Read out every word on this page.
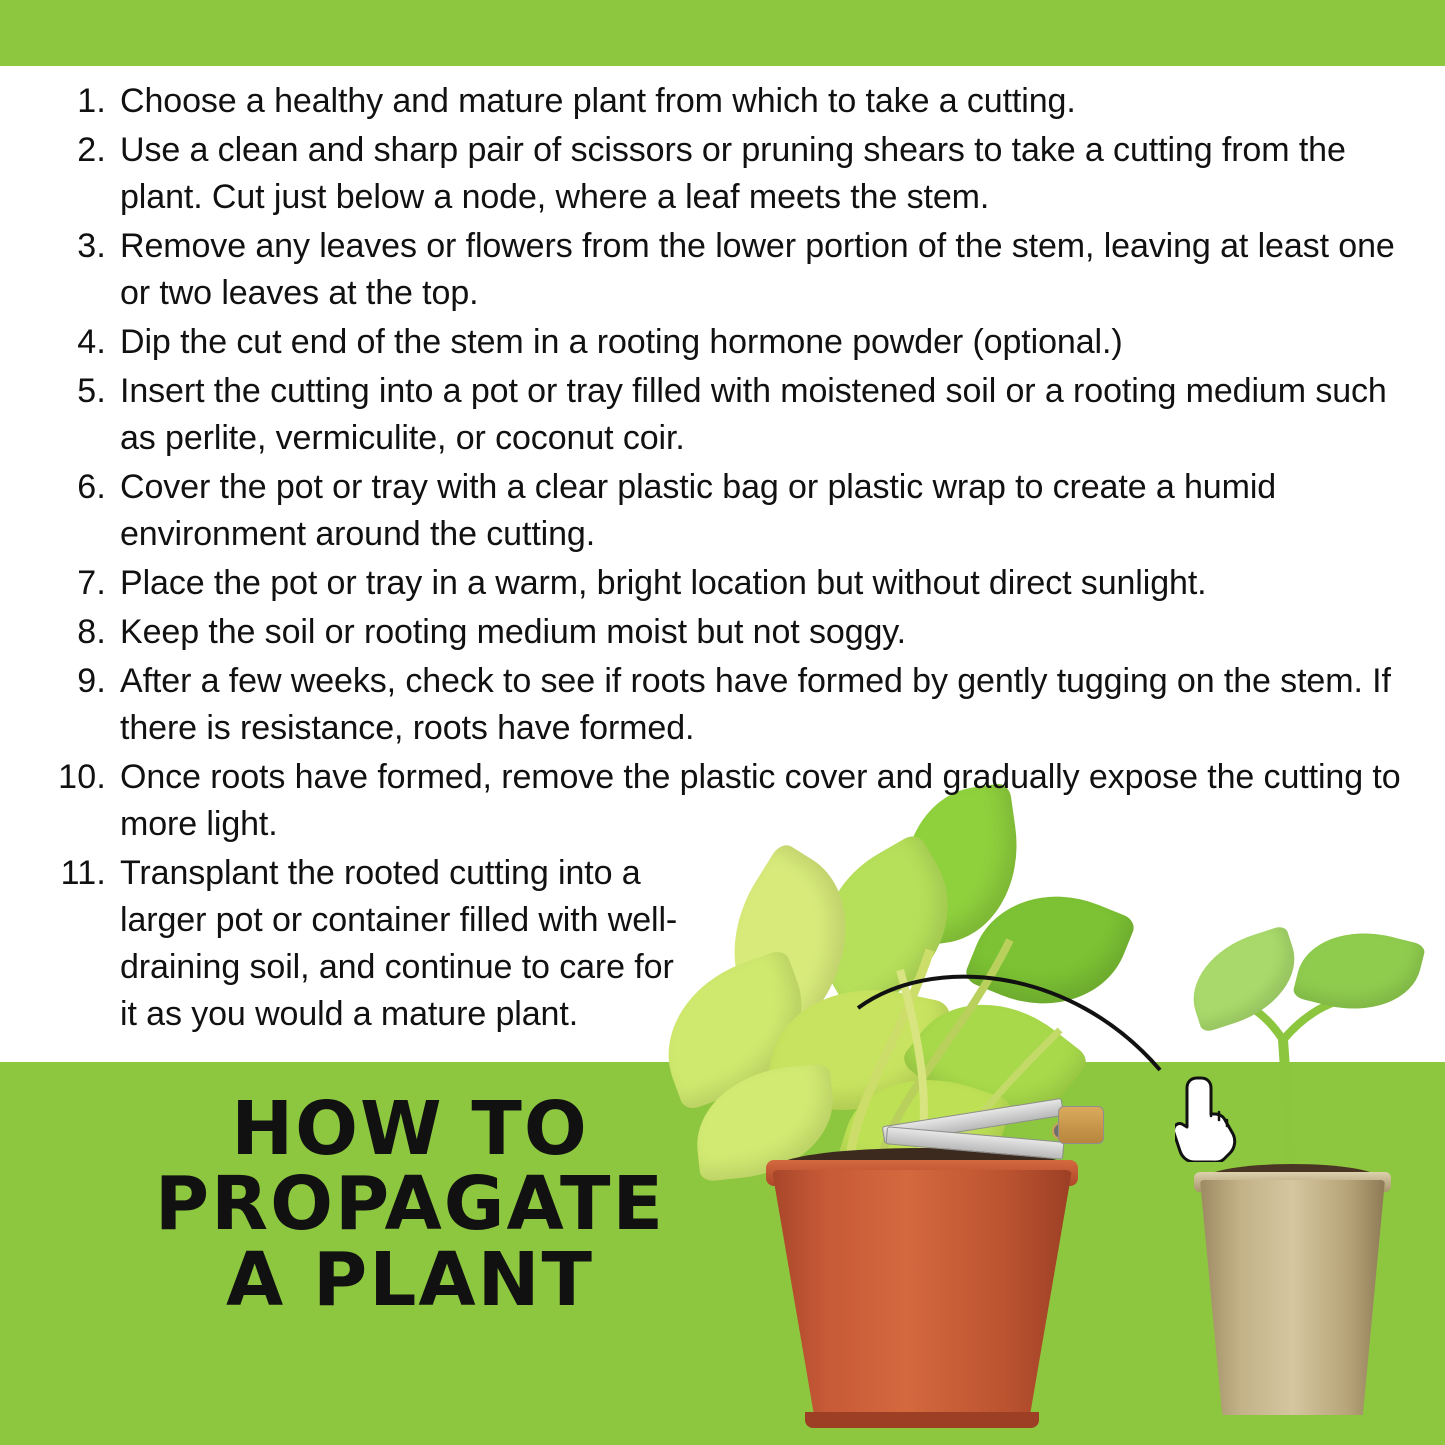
1. Choose a healthy and mature plant from which to take a cutting.
2. Use a clean and sharp pair of scissors or pruning shears to take a cutting from the plant. Cut just below a node, where a leaf meets the stem.
3. Remove any leaves or flowers from the lower portion of the stem, leaving at least one or two leaves at the top.
4. Dip the cut end of the stem in a rooting hormone powder (optional.)
5. Insert the cutting into a pot or tray filled with moistened soil or a rooting medium such as perlite, vermiculite, or coconut coir.
6. Cover the pot or tray with a clear plastic bag or plastic wrap to create a humid environment around the cutting.
7. Place the pot or tray in a warm, bright location but without direct sunlight.
8. Keep the soil or rooting medium moist but not soggy.
9. After a few weeks, check to see if roots have formed by gently tugging on the stem. If there is resistance, roots have formed.
10. Once roots have formed, remove the plastic cover and gradually expose the cutting to more light.
11. Transplant the rooted cutting into a larger pot or container filled with well-draining soil, and continue to care for it as you would a mature plant.
HOW TO
PROPAGATE
A PLANT
